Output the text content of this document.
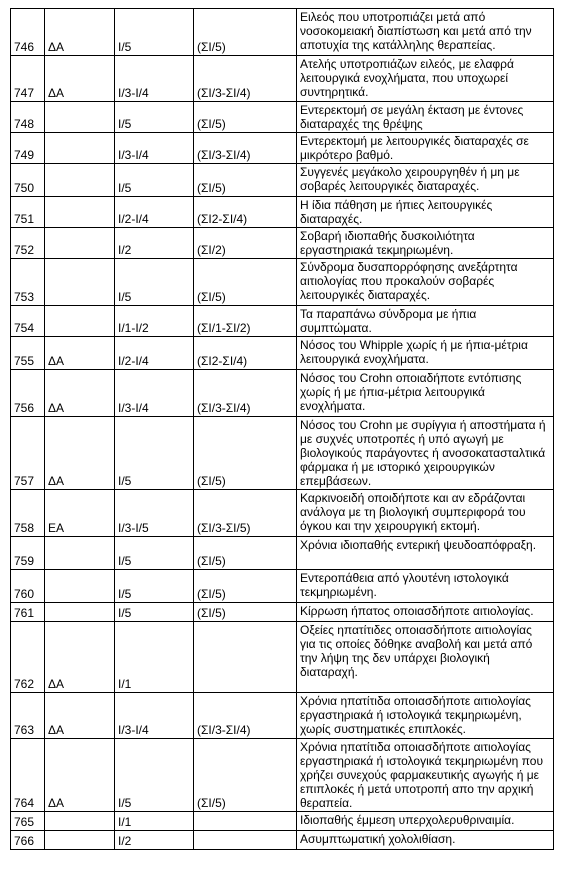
746	ΔΑ	Ι/5	(ΣΙ/5)	Ειλεός που υποτροπιάζει μετά από νοσοκομειακή διαπίστωση και μετά από την αποτυχία της κατάλληλης θεραπείας.
747	ΔΑ	Ι/3-Ι/4	(ΣΙ/3-ΣΙ/4)	Ατελής υποτροπιάζων ειλεός, με ελαφρά λειτουργικά ενοχλήματα, που υποχωρεί συντηρητικά.
748		Ι/5	(ΣΙ/5)	Εντερεκτομή σε μεγάλη έκταση με έντονες διαταραχές της θρέψης
749		Ι/3-Ι/4	(ΣΙ/3-ΣΙ/4)	Εντερεκτομή με λειτουργικές διαταραχές σε μικρότερο βαθμό.
750		Ι/5	(ΣΙ/5)	Συγγενές μεγάκολο χειρουργηθέν ή μη με σοβαρές λειτουργικές διαταραχές.
751		Ι/2-Ι/4	(ΣΙ2-ΣΙ/4)	Η ίδια πάθηση με ήπιες λειτουργικές διαταραχές.
752		Ι/2	(ΣΙ/2)	Σοβαρή ιδιοπαθής δυσκοιλιότητα εργαστηριακά τεκμηριωμένη.
753		Ι/5	(ΣΙ/5)	Σύνδρομα δυσαπορρόφησης ανεξάρτητα αιτιολογίας που προκαλούν σοβαρές λειτουργικές διαταραχές.
754		Ι/1-Ι/2	(ΣΙ/1-ΣΙ/2)	Τα παραπάνω σύνδρομα με ήπια συμπτώματα.
755	ΔΑ	Ι/2-Ι/4	(ΣΙ2-ΣΙ/4)	Νόσος του Whipple χωρίς ή με ήπια-μέτρια λειτουργικά ενοχλήματα.
756	ΔΑ	Ι/3-Ι/4	(ΣΙ/3-ΣΙ/4)	Νόσος του Crohn οποιαδήποτε εντόπισης χωρίς ή με ήπια-μέτρια λειτουργικά ενοχλήματα.
757	ΔΑ	Ι/5	(ΣΙ/5)	Νόσος του Crohn με συρίγγια ή αποστήματα ή με συχνές υποτροπές ή υπό αγωγή με βιολογικούς παράγοντες ή ανοσοκατασταλτικά φάρμακα ή με ιστορικό χειρουργικών επεμβάσεων.
758	ΕΑ	Ι/3-Ι/5	(ΣΙ/3-ΣΙ/5)	Καρκινοειδή οποιδήποτε και αν εδράζονται ανάλογα με τη βιολογική συμπεριφορά του όγκου και την χειρουργική εκτομή.
759		Ι/5	(ΣΙ/5)	Χρόνια ιδιοπαθής εντερική ψευδοαπόφραξη.
760		Ι/5	(ΣΙ/5)	Εντεροπάθεια από γλουτένη ιστολογικά τεκμηριωμένη.
761		Ι/5	(ΣΙ/5)	Κίρρωση ήπατος οποιασδήποτε αιτιολογίας.
762	ΔΑ	Ι/1		Οξείες ηπατίτιδες οποιασδήποτε αιτιολογίας για τις οποίες δόθηκε αναβολή και μετά από την λήψη της δεν υπάρχει βιολογική διαταραχή.
763	ΔΑ	Ι/3-Ι/4	(ΣΙ/3-ΣΙ/4)	Χρόνια ηπατίτιδα οποιασδήποτε αιτιολογίας εργαστηριακά ή ιστολογικά τεκμηριωμένη, χωρίς συστηματικές επιπλοκές.
764	ΔΑ	Ι/5	(ΣΙ/5)	Χρόνια ηπατίτιδα οποιασδήποτε αιτιολογίας εργαστηριακά ή ιστολογικά τεκμηριωμένη που χρήζει συνεχούς φαρμακευτικής αγωγής ή με επιπλοκές ή μετά υποτροπή απο την αρχική θεραπεία.
765		Ι/1		Ιδιοπαθής έμμεση υπερχολερυθριναιμία.
766		Ι/2		Ασυμπτωματική χολολιθίαση.
